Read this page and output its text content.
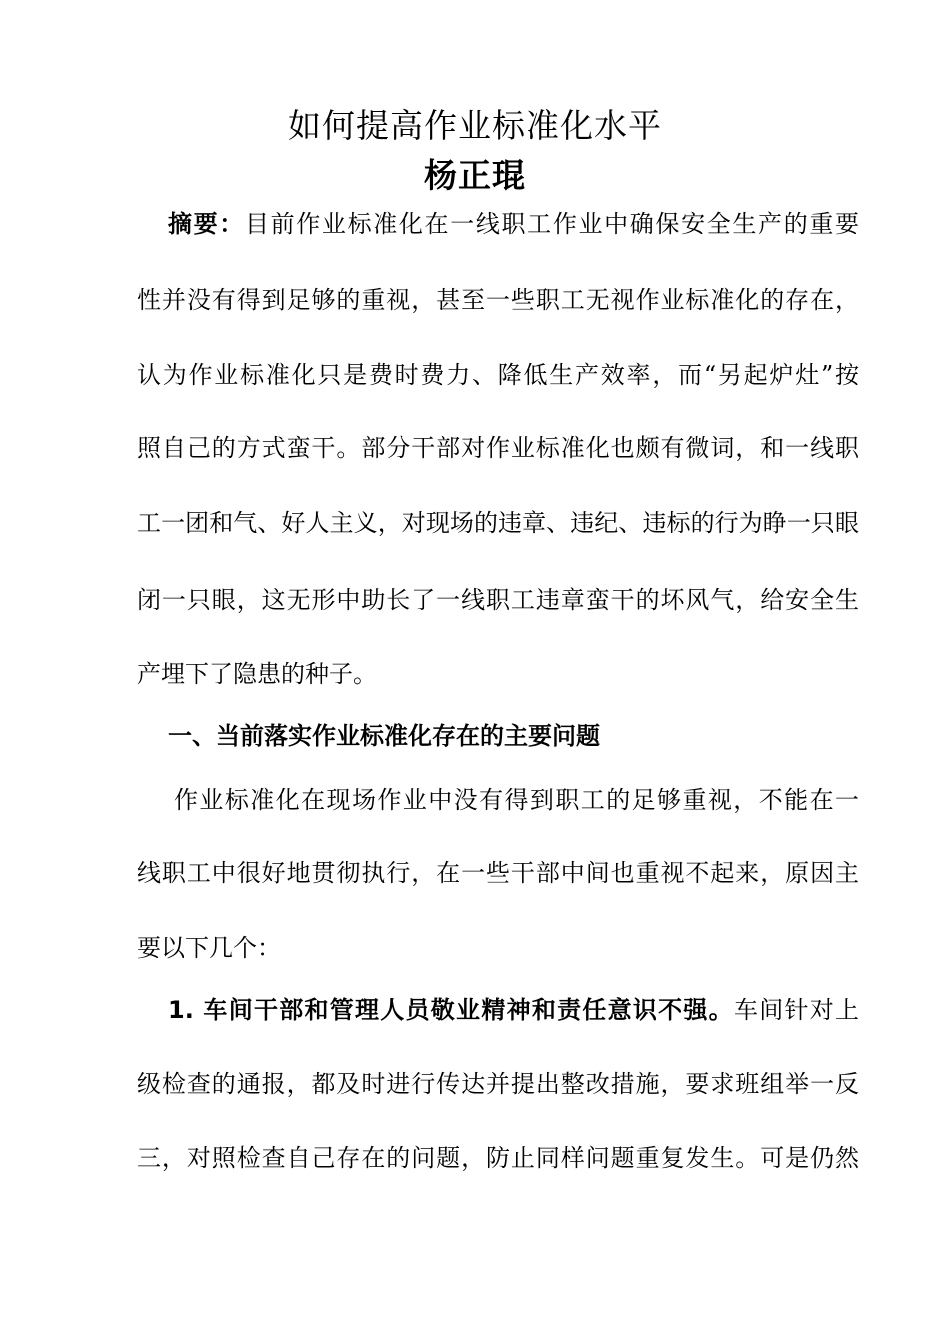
如何提高作业标准化水平
杨正琨

摘要：目前作业标准化在一线职工作业中确保安全生产的重要

性并没有得到足够的重视，甚至一些职工无视作业标准化的存在，

认为作业标准化只是费时费力、降低生产效率，而“另起炉灶”按

照自己的方式蛮干。部分干部对作业标准化也颇有微词，和一线职

工一团和气、好人主义，对现场的违章、违纪、违标的行为睁一只眼

闭一只眼，这无形中助长了一线职工违章蛮干的坏风气，给安全生

产埋下了隐患的种子。

一、当前落实作业标准化存在的主要问题

作业标准化在现场作业中没有得到职工的足够重视，不能在一

线职工中很好地贯彻执行，在一些干部中间也重视不起来，原因主

要以下几个：

1. 车间干部和管理人员敬业精神和责任意识不强。车间针对上

级检查的通报，都及时进行传达并提出整改措施，要求班组举一反

三，对照检查自己存在的问题，防止同样问题重复发生。可是仍然
